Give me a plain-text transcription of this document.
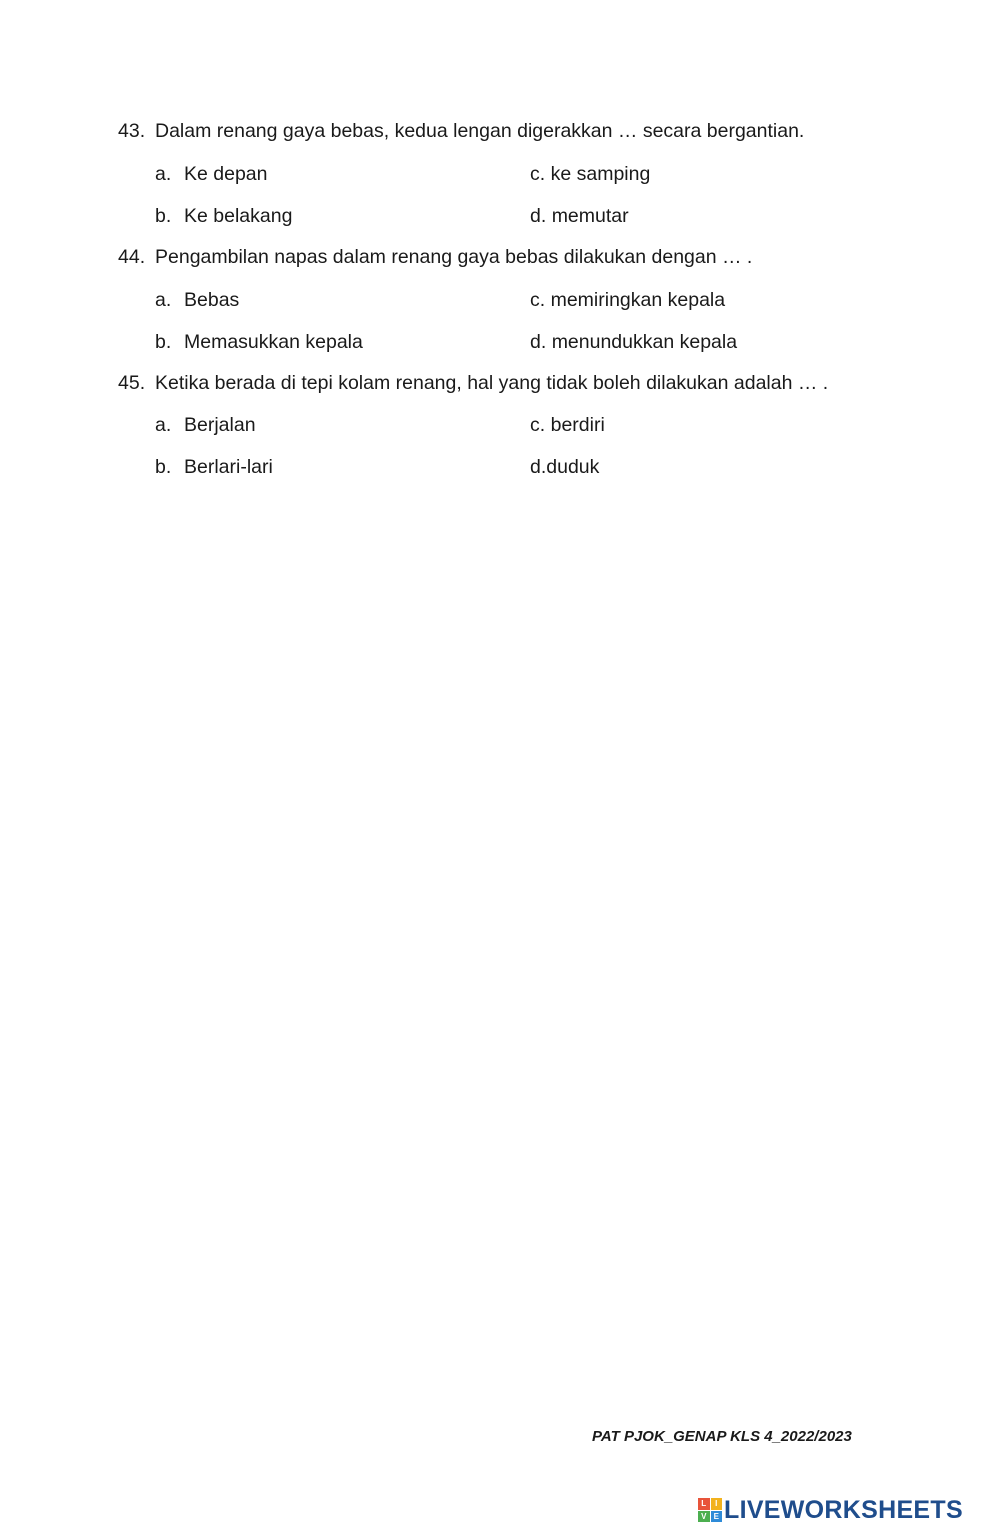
43. Dalam renang gaya bebas, kedua lengan digerakkan … secara bergantian.
a. Ke depan	c. ke samping
b. Ke belakang	d. memutar
44. Pengambilan napas dalam renang gaya bebas dilakukan dengan … .
a. Bebas	c. memiringkan kepala
b. Memasukkan kepala	d. menundukkan kepala
45. Ketika berada di tepi kolam renang, hal yang tidak boleh dilakukan adalah … .
a. Berjalan	c. berdiri
b. Berlari-lari	d.duduk
PAT PJOK_GENAP KLS 4_2022/2023
L	I
V E LIVEWORKSHEETS
